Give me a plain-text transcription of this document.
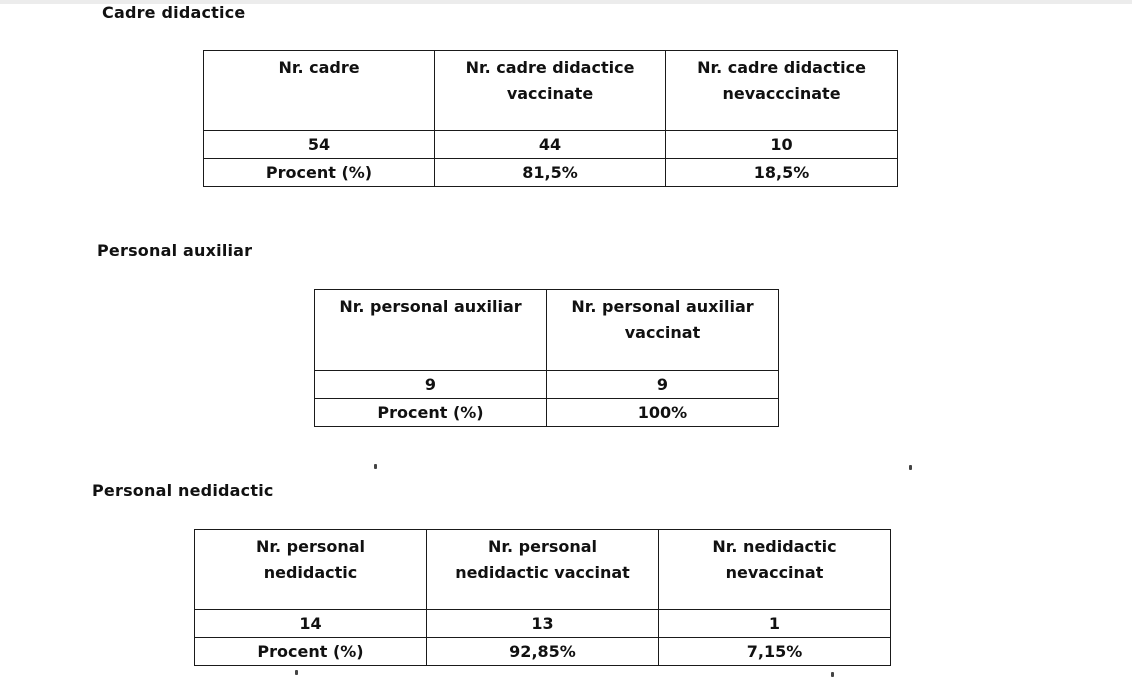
Cadre didactice
Nr. cadre	Nr. cadre didactice vaccinate	Nr. cadre didactice nevacccinate

54	44	10
Procent (%)	81,5%	18,5%
Personal auxiliar
Nr. personal auxiliar	Nr. personal auxiliar vaccinat

9	9
Procent (%)	100%
Personal nedidactic
Nr. personal nedidactic	Nr. personal nedidactic vaccinat	Nr. nedidactic nevaccinat

14	13	1
Procent (%)	92,85%	7,15%
